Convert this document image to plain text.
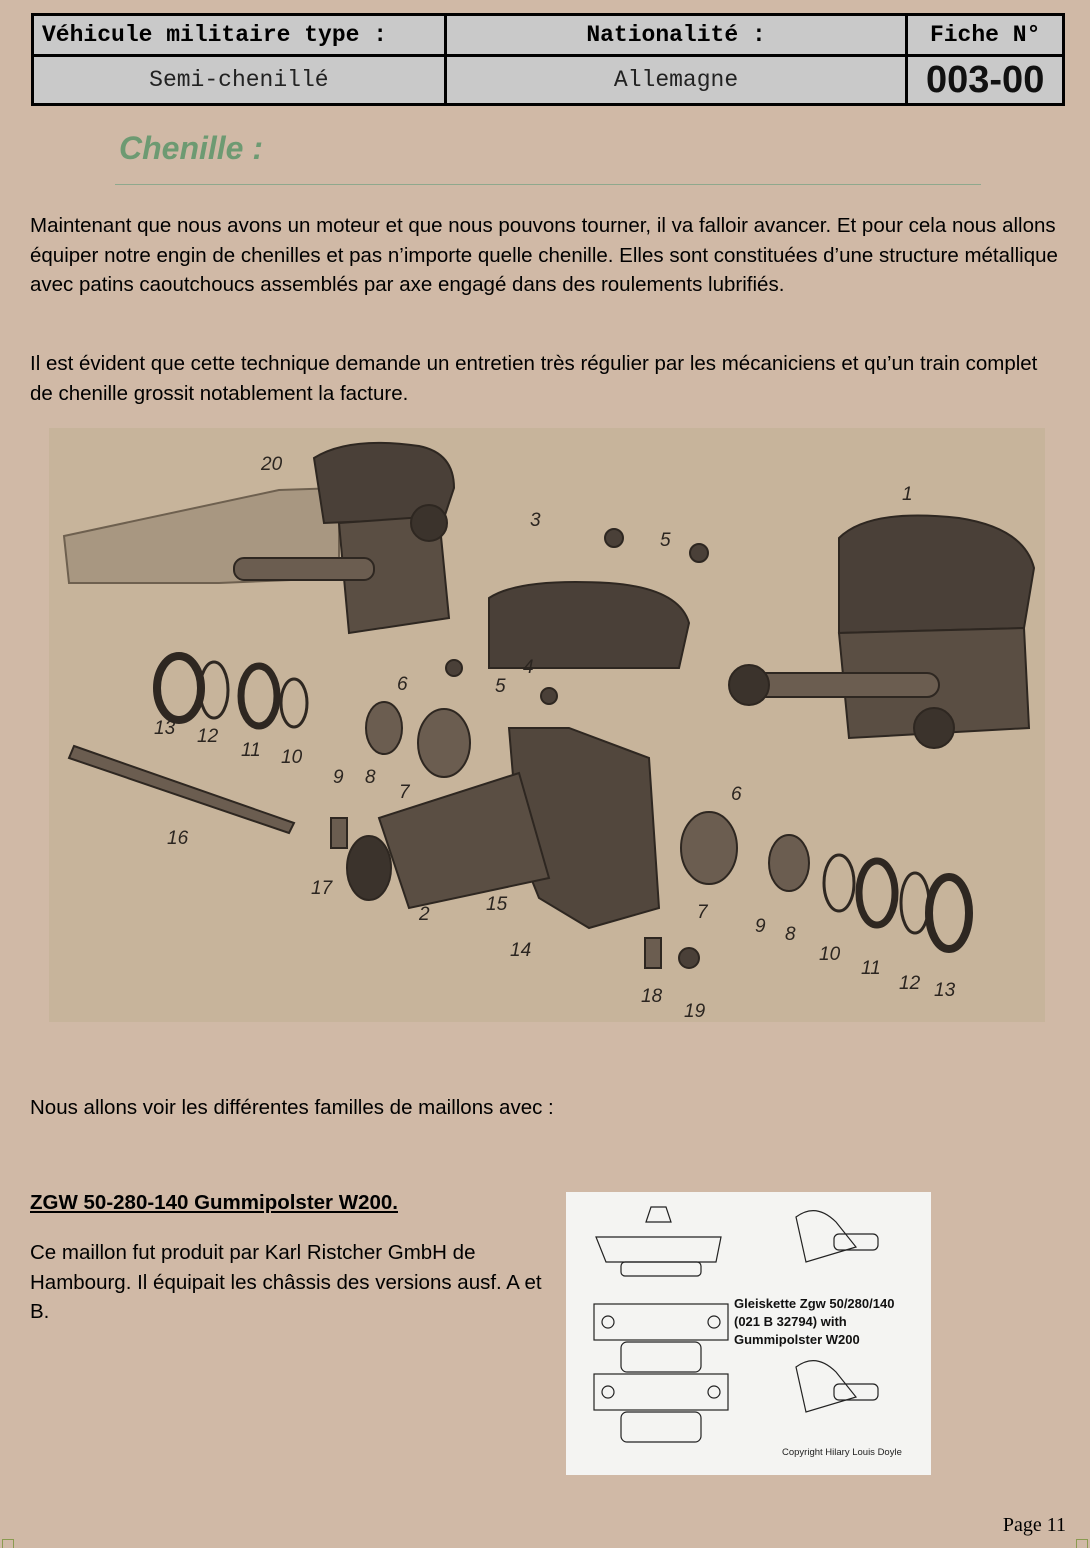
Véhicule militaire type :	Nationalité :	Fiche N°
Semi-chenillé	Allemagne	003-00
Chenille :

Maintenant que nous avons un moteur et que nous pouvons tourner, il va falloir avancer. Et pour cela nous allons équiper notre engin de chenilles et pas n’importe quelle chenille. Elles sont constituées d’une structure métallique avec patins caoutchoucs assemblés par axe engagé dans des roulements lubrifiés.

Il est évident que cette technique demande un entretien très régulier par les mécaniciens et qu’un train complet de chenille grossit notablement la facture.

20
3
5
1
13 12
11 10
6
9 8
7
4
5
16
17
2	15
14
6
7
9 8
10
11
12 13
18
19

Nous allons voir les différentes familles de maillons avec :

ZGW 50-280-140 Gummipolster W200.

Ce maillon fut produit par Karl Ristcher GmbH de Hambourg. Il équipait les châssis des versions ausf. A et B.	Gleiskette Zgw 50/280/140
(021 B 32794) with
Gummipolster W200
Copyright Hilary Louis Doyle
Page 11
